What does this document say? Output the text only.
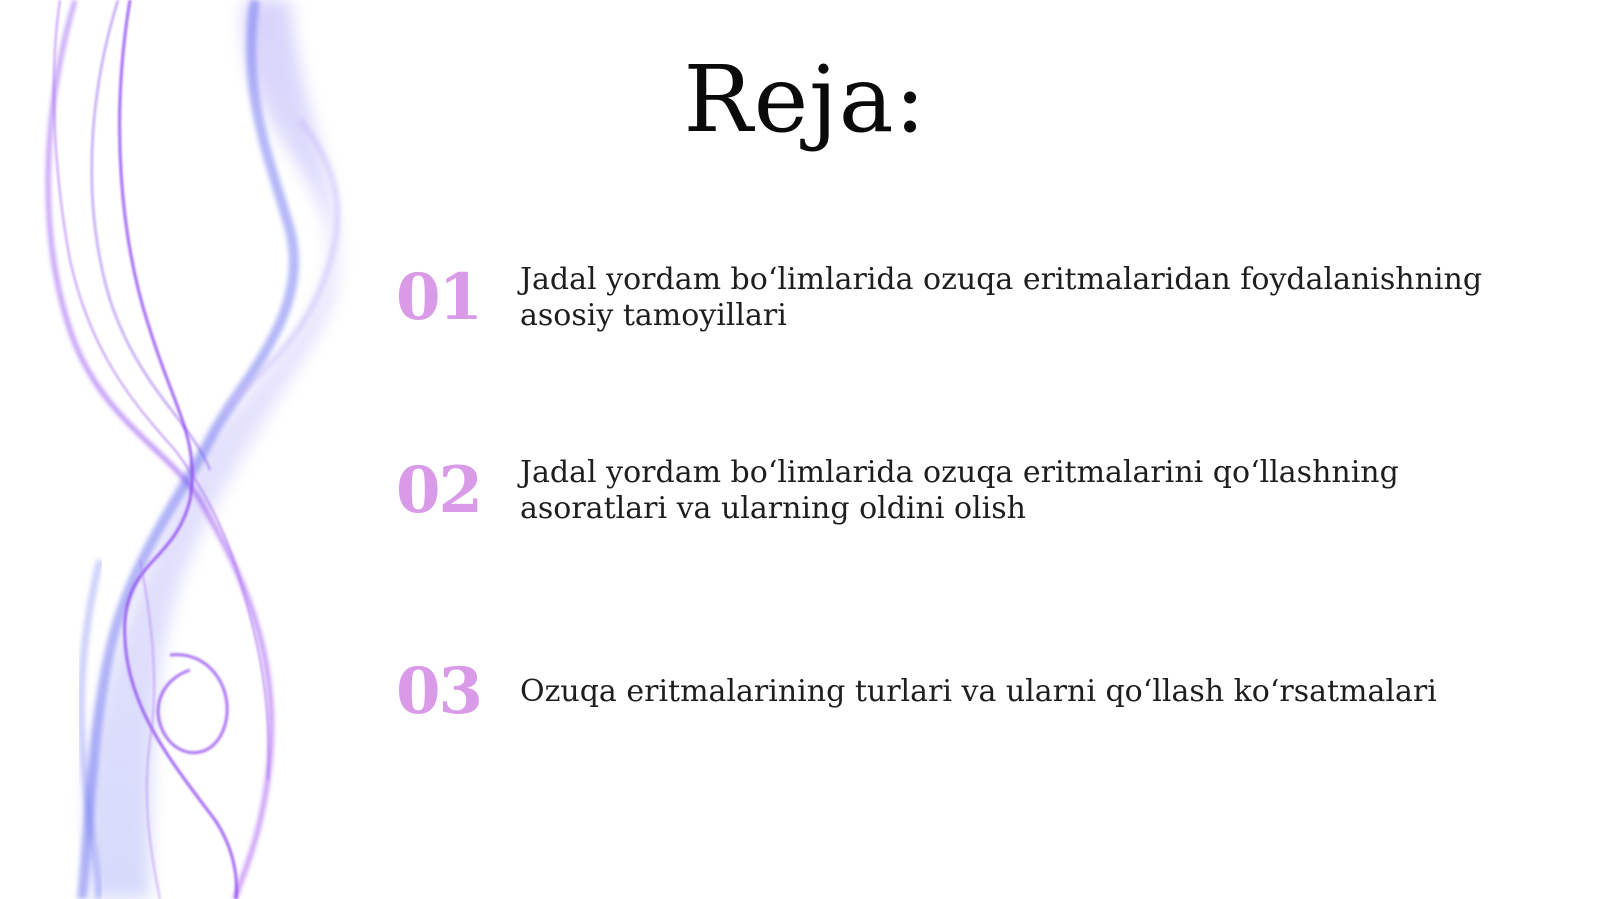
Reja:
01	Jadal yordam bo‘limlarida ozuqa eritmalaridan foydalanishning asosiy tamoyillari
02	Jadal yordam bo‘limlarida ozuqa eritmalarini qo‘llashning asoratlari va ularning oldini olish
03	Ozuqa eritmalarining turlari va ularni qo‘llash ko‘rsatmalari
